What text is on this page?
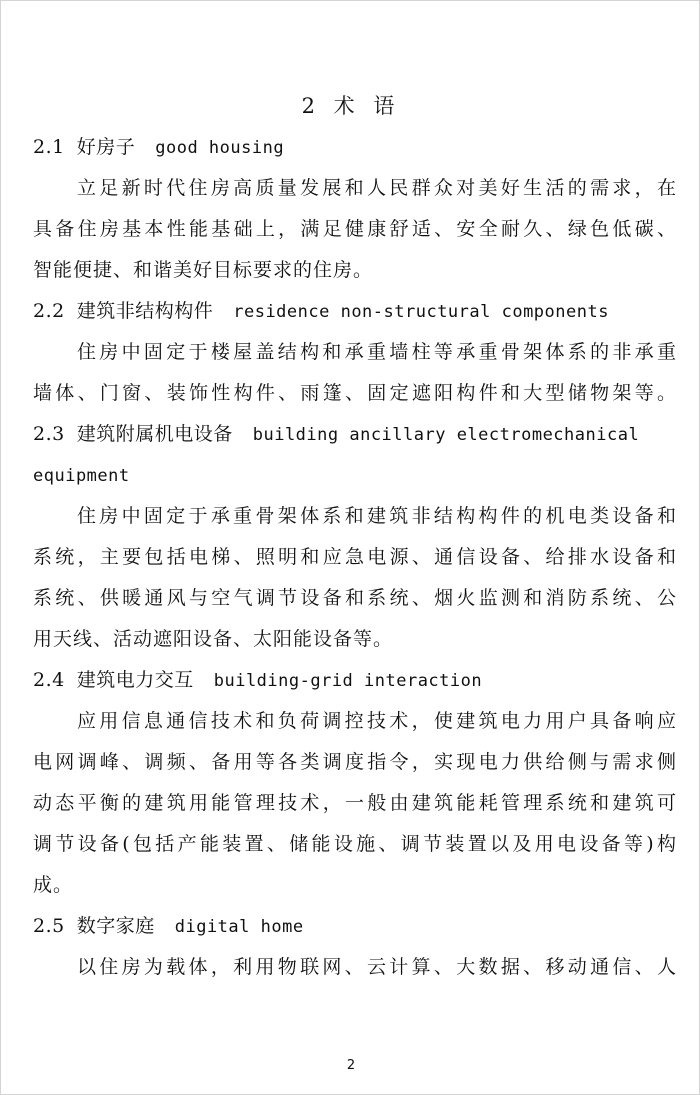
2 术 语
2.1 好房子 good housing
立足新时代住房高质量发展和人民群众对美好生活的需求，在
具备住房基本性能基础上，满足健康舒适、安全耐久、绿色低碳、
智能便捷、和谐美好目标要求的住房。
2.2 建筑非结构构件 residence non-structural components
住房中固定于楼屋盖结构和承重墙柱等承重骨架体系的非承重
墙体、门窗、装饰性构件、雨篷、固定遮阳构件和大型储物架等。
2.3 建筑附属机电设备 building ancillary electromechanical
equipment
住房中固定于承重骨架体系和建筑非结构构件的机电类设备和
系统，主要包括电梯、照明和应急电源、通信设备、给排水设备和
系统、供暖通风与空气调节设备和系统、烟火监测和消防系统、公
用天线、活动遮阳设备、太阳能设备等。
2.4 建筑电力交互 building-grid interaction
应用信息通信技术和负荷调控技术，使建筑电力用户具备响应
电网调峰、调频、备用等各类调度指令，实现电力供给侧与需求侧
动态平衡的建筑用能管理技术，一般由建筑能耗管理系统和建筑可
调节设备(包括产能装置、储能设施、调节装置以及用电设备等)构
成。
2.5 数字家庭 digital home
以住房为载体，利用物联网、云计算、大数据、移动通信、人
2
